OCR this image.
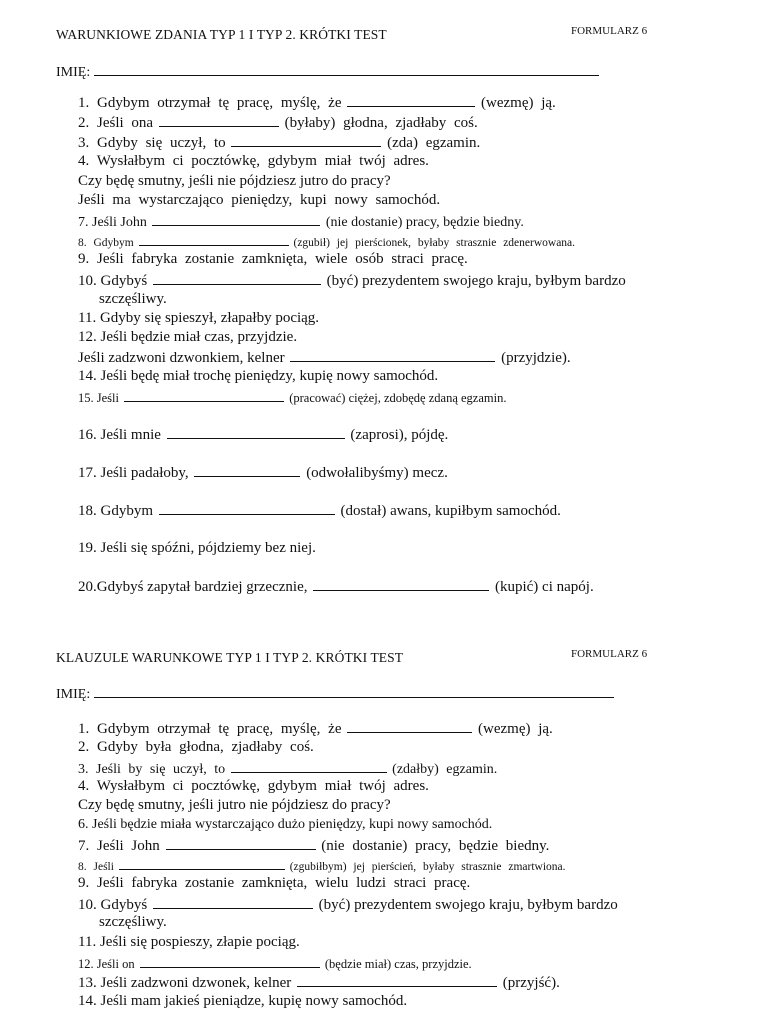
WARUNKIOWE ZDANIA TYP 1 I TYP 2. KRÓTKI TEST	FORMULARZ 6
IMIĘ:
1. Gdybym otrzymał tę pracę, myślę, że	(wezmę) ją.
2. Jeśli ona	(byłaby) głodna, zjadłaby coś.
3. Gdyby się uczył, to	(zda) egzamin.
4. Wysłałbym ci pocztówkę, gdybym miał twój adres.
Czy będę smutny, jeśli nie pójdziesz jutro do pracy?
Jeśli ma wystarczająco pieniędzy, kupi nowy samochód.
7. Jeśli John	(nie dostanie) pracy, będzie biedny.
8. Gdybym	(zgubił) jej pierścionek, byłaby strasznie zdenerwowana.
9. Jeśli fabryka zostanie zamknięta, wiele osób straci pracę.
10. Gdybyś	(być) prezydentem swojego kraju, byłbym bardzo
szczęśliwy.
11. Gdyby się spieszył, złapałby pociąg.
12. Jeśli będzie miał czas, przyjdzie.
Jeśli zadzwoni dzwonkiem, kelner	(przyjdzie).
14. Jeśli będę miał trochę pieniędzy, kupię nowy samochód.
15. Jeśli	(pracować) ciężej, zdobędę zdaną egzamin.
16. Jeśli mnie	(zaprosi), pójdę.
17. Jeśli padałoby,	(odwołalibyśmy) mecz.
18. Gdybym	(dostał) awans, kupiłbym samochód.
19. Jeśli się spóźni, pójdziemy bez niej.
20.Gdybyś zapytał bardziej grzecznie,	(kupić) ci napój.
KLAUZULE WARUNKOWE TYP 1 I TYP 2. KRÓTKI TEST	FORMULARZ 6
IMIĘ:
1. Gdybym otrzymał tę pracę, myślę, że	(wezmę) ją.
2. Gdyby była głodna, zjadłaby coś.
3. Jeśli by się uczył, to	(zdałby) egzamin.
4. Wysłałbym ci pocztówkę, gdybym miał twój adres.
Czy będę smutny, jeśli jutro nie pójdziesz do pracy?
6. Jeśli będzie miała wystarczająco dużo pieniędzy, kupi nowy samochód.
7. Jeśli John	(nie dostanie) pracy, będzie biedny.
8. Jeśli	(zgubiłbym) jej pierścień, byłaby strasznie zmartwiona.
9. Jeśli fabryka zostanie zamknięta, wielu ludzi straci pracę.
10. Gdybyś	(być) prezydentem swojego kraju, byłbym bardzo
szczęśliwy.
11. Jeśli się pospieszy, złapie pociąg.
12. Jeśli on	(będzie miał) czas, przyjdzie.
13. Jeśli zadzwoni dzwonek, kelner	(przyjść).
14. Jeśli mam jakieś pieniądze, kupię nowy samochód.
